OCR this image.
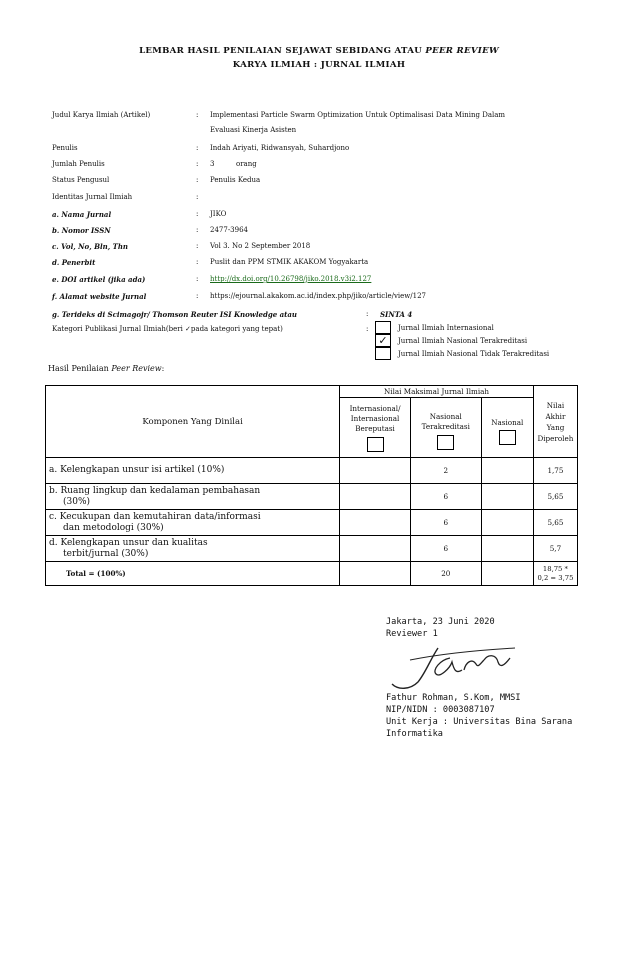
LEMBAR HASIL PENILAIAN SEJAWAT SEBIDANG ATAU PEER REVIEW
KARYA ILMIAH : JURNAL ILMIAH
Judul Karya Ilmiah (Artikel)	: Implementasi Particle Swarm Optimization Untuk Optimalisasi Data Mining Dalam
Evaluasi Kinerja Asisten
Penulis	: Indah Ariyati, Ridwansyah, Suhardjono
Jumlah Penulis	: 3	orang
Status Pengusul	: Penulis Kedua
Identitas Jurnal Ilmiah	:
a. Nama Jurnal	: JIKO
b. Nomor ISSN	: 2477-3964
c. Vol, No, Bln, Thn	: Vol 3. No 2 September 2018
d. Penerbit	: Puslit dan PPM STMIK AKAKOM Yogyakarta
e. DOI artikel (jika ada)	: http://dx.doi.org/10.26798/jiko.2018.v3i2.127
f. Alamat website Jurnal	: https://ejournal.akakom.ac.id/index.php/jiko/article/view/127
g. Terideks di Scimagojr/ Thomson Reuter ISI Knowledge atau	: SINTA 4
Kategori Publikasi Jurnal Ilmiah(beri ✓pada kategori yang tepat)	:
✓
Jurnal Ilmiah Internasional
Jurnal Ilmiah Nasional Terakreditasi
Jurnal Ilmiah Nasional Tidak Terakreditasi
Hasil Penilaian Peer Review:
Komponen Yang Dinilai	Nilai Maksimal Jurnal Ilmiah			Nilai Akhir Yang Diperoleh

	Internasional/ Internasional Bereputasi	Nasional Terakreditasi	Nasional	

a. Kelengkapan unsur isi artikel (10%)		2		1,75

b. Ruang lingkup dan kedalaman pembahasan
(30%)		6		5,65

c. Kecukupan dan kemutahiran data/informasi
dan metodologi (30%)		6		5,65

d. Kelengkapan unsur dan kualitas
terbit/jurnal (30%)		6		5,7
Total = (100%)		20		18,75 *
0,2 = 3,75
Jakarta, 23 Juni 2020
Reviewer 1
Fathur Rohman, S.Kom, MMSI
NIP/NIDN : 0003087107
Unit Kerja : Universitas Bina Sarana
Informatika
